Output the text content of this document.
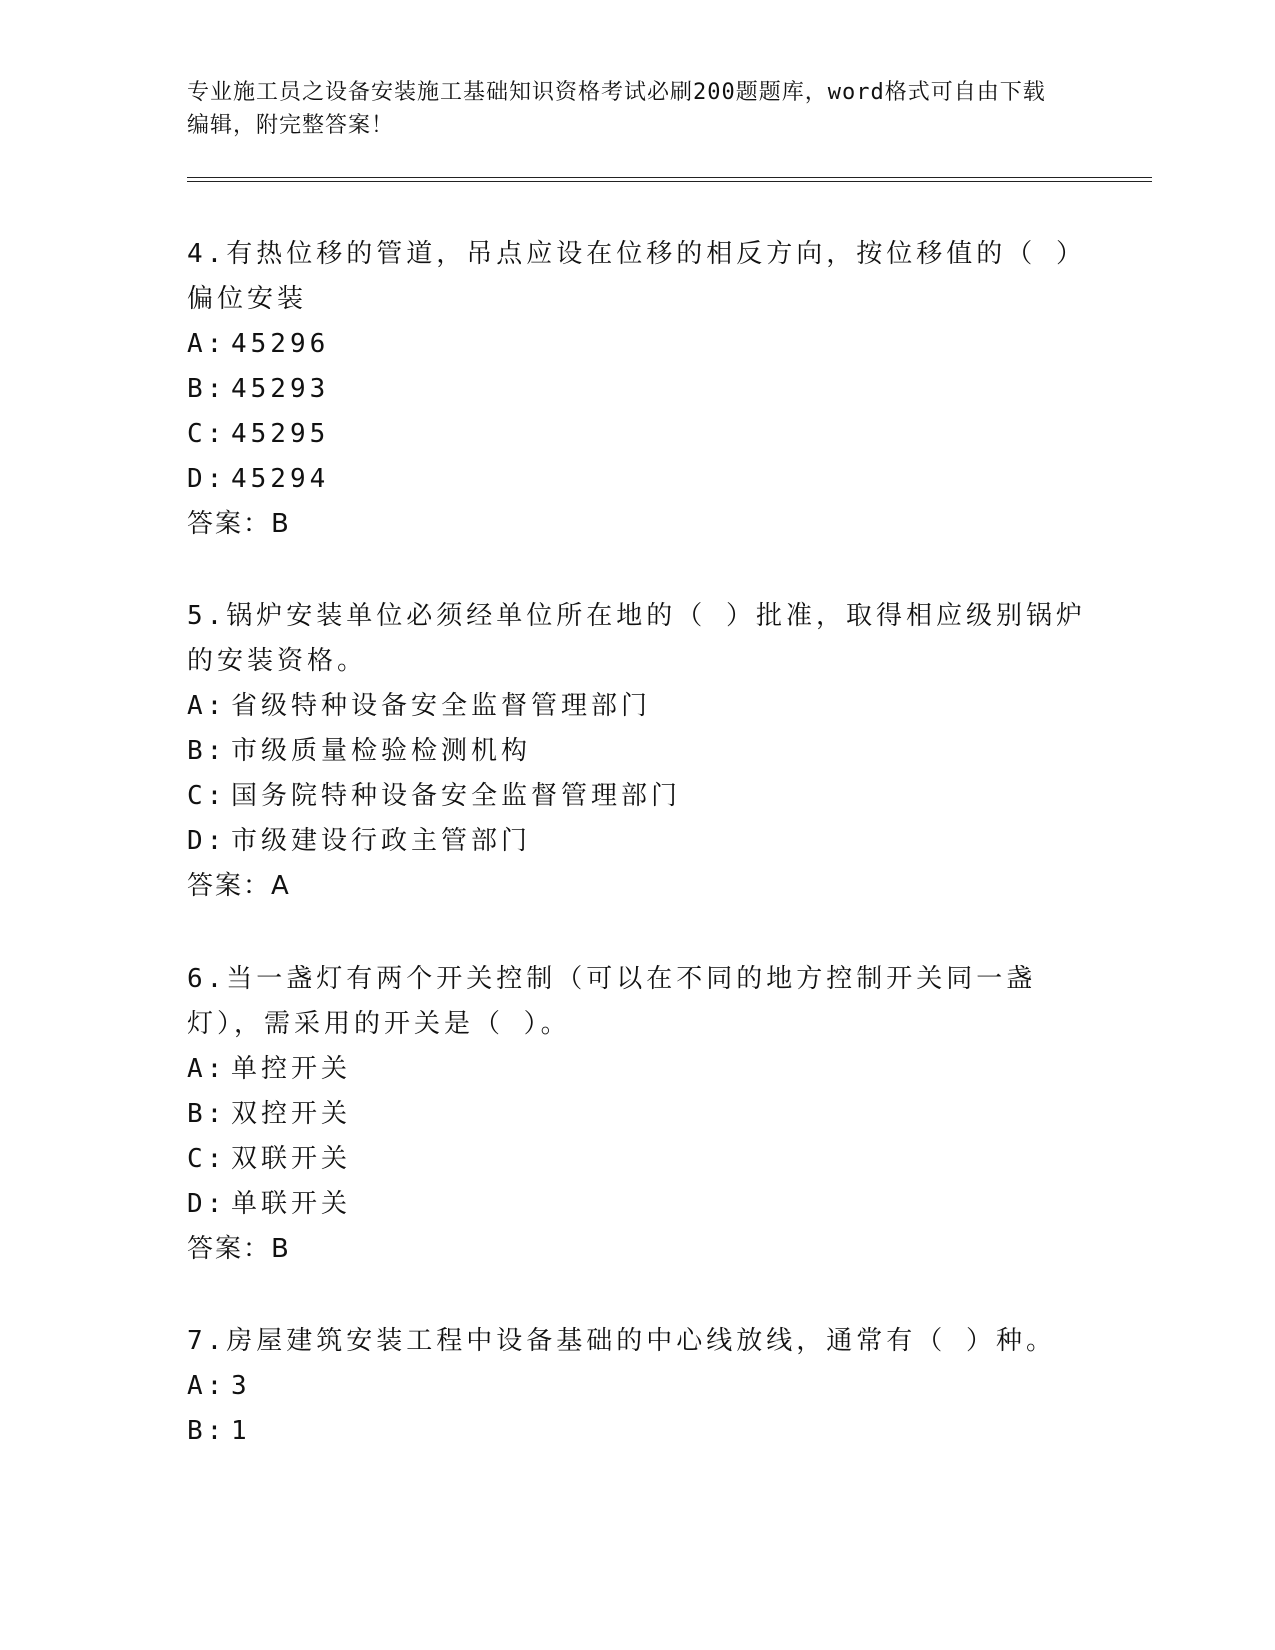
专业施工员之设备安装施工基础知识资格考试必刷200题题库，word格式可自由下载编辑，附完整答案！

4.有热位移的管道，吊点应设在位移的相反方向，按位移值的（ ）偏位安装

A: 45296
B: 45293
C: 45295
D: 45294
答案：B

5.锅炉安装单位必须经单位所在地的（ ）批准，取得相应级别锅炉的安装资格。

A: 省级特种设备安全监督管理部门
B: 市级质量检验检测机构
C: 国务院特种设备安全监督管理部门
D: 市级建设行政主管部门
答案：A

6.当一盏灯有两个开关控制（可以在不同的地方控制开关同一盏灯），需采用的开关是（ ）。

A: 单控开关
B: 双控开关
C: 双联开关
D: 单联开关
答案：B

7.房屋建筑安装工程中设备基础的中心线放线，通常有（ ）种。

A: 3
B: 1
